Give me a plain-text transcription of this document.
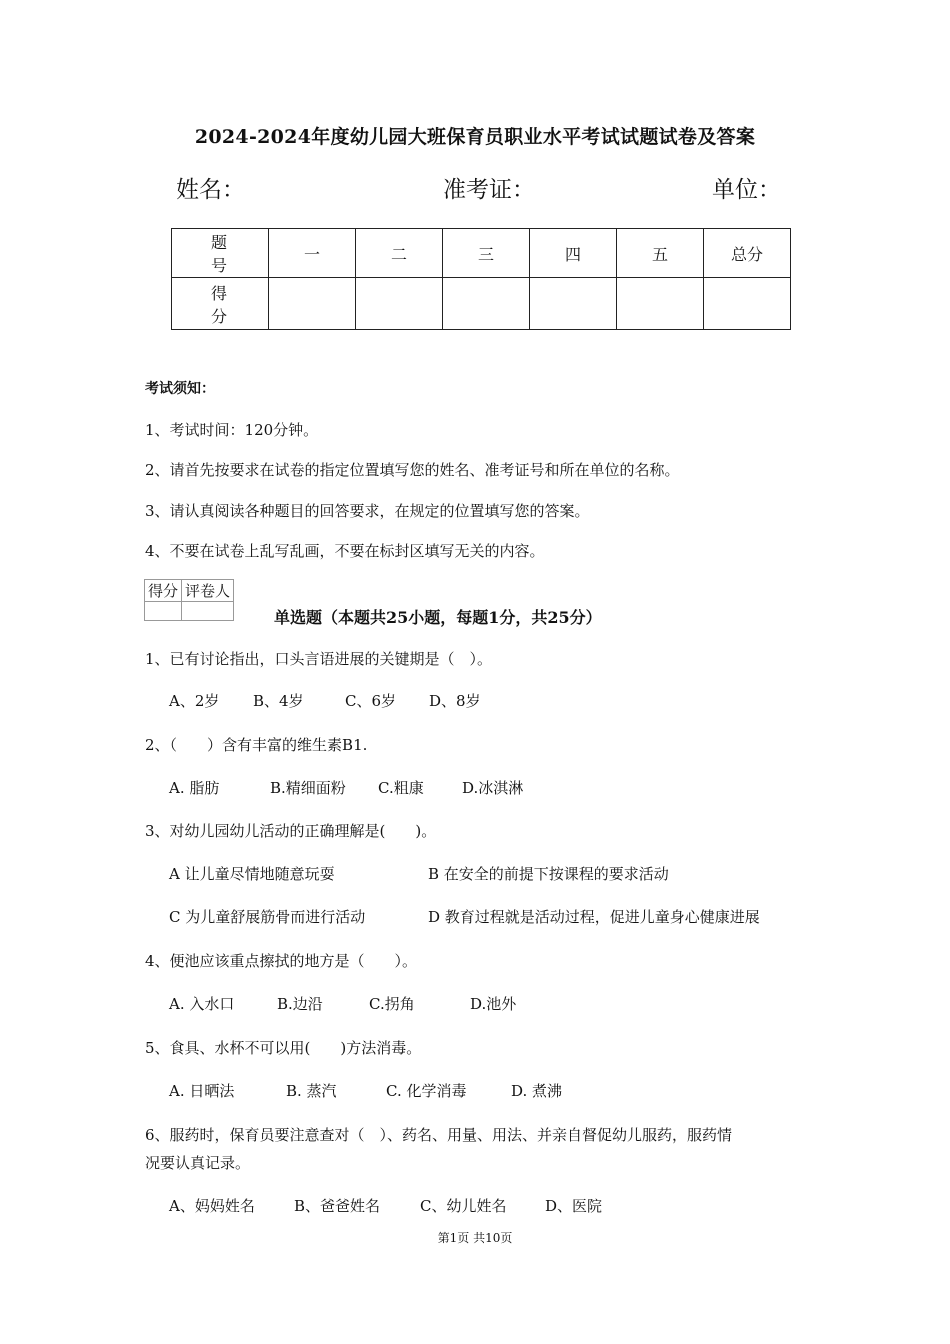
2024-2024年度幼儿园大班保育员职业水平考试试题试卷及答案
姓名：	准考证：	单位：
题　号	一	二	三	四	五	总分
得　分						
考试须知：
1、考试时间：120分钟。
2、请首先按要求在试卷的指定位置填写您的姓名、准考证号和所在单位的名称。
3、请认真阅读各种题目的回答要求，在规定的位置填写您的答案。
4、不要在试卷上乱写乱画，不要在标封区填写无关的内容。
得分	评卷人

单选题（本题共25小题，每题1分，共25分）
1、已有讨论指出，口头言语进展的关键期是（　）。
A、2岁 B、4岁	C、6岁 D、8岁
2、（　　）含有丰富的维生素B1.
A. 脂肪	B.精细面粉 C.粗康	D.冰淇淋
3、对幼儿园幼儿活动的正确理解是(　　)。
A 让儿童尽情地随意玩耍	B 在安全的前提下按课程的要求活动
C 为儿童舒展筋骨而进行活动	D 教育过程就是活动过程，促进儿童身心健康进展
4、便池应该重点擦拭的地方是（　　）。
A. 入水口	B.边沿	C.拐角	D.池外
5、食具、水杯不可以用(　　)方法消毒。
A. 日晒法	B. 蒸汽	C. 化学消毒	D. 煮沸
6、服药时，保育员要注意查对（　）、药名、用量、用法、并亲自督促幼儿服药，服药情
况要认真记录。
A、妈妈姓名	B、爸爸姓名	C、幼儿姓名	D、医院
第1页 共10页
